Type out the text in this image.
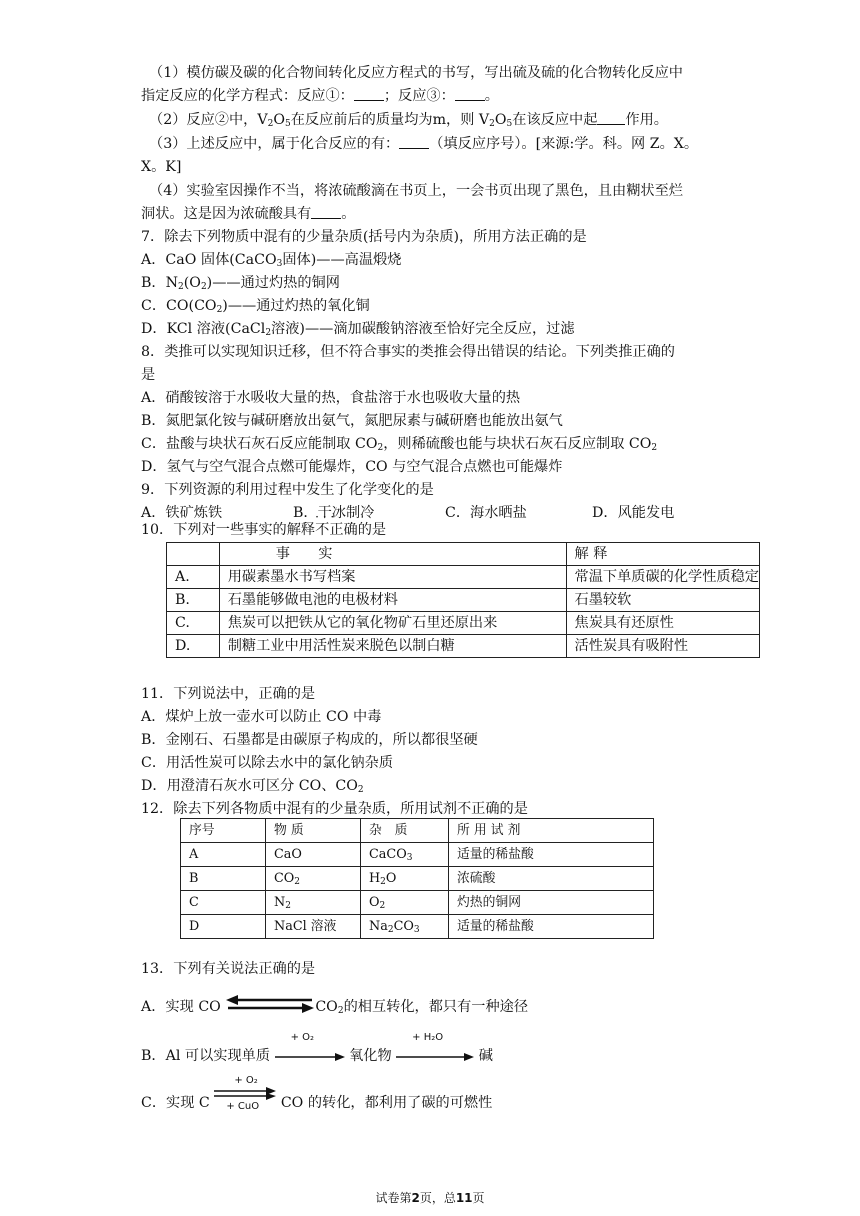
（1）模仿碳及碳的化合物间转化反应方程式的书写，写出硫及硫的化合物转化反应中
指定反应的化学方程式：反应①： ；反应③： 。
（2）反应②中，$V_2O_5$在反应前后的质量均为m，则 $V_2O_5$在该反应中起 作用。
（3）上述反应中，属于化合反应的有： （填反应序号）。[来源:学。科。网 Z。X。
X。K]
（4）实验室因操作不当，将浓硫酸滴在书页上，一会书页出现了黑色，且由糊状至烂
洞状。这是因为浓硫酸具有 。
7．除去下列物质中混有的少量杂质(括号内为杂质)，所用方法正确的是
A．CaO 固体(CaCO$_3$固体)——高温煅烧
B．$N_2(O_2)——$通过灼热的铜网
C．$CO(CO_2)——$通过灼热的氧化铜
D．KCl 溶液(CaCl$_2$溶液)——滴加碳酸钠溶液至恰好完全反应，过滤
8．类推可以实现知识迁移，但不符合事实的类推会得出错误的结论。下列类推正确的
是
A．硝酸铵溶于水吸收大量的热，食盐溶于水也吸收大量的热
B．氮肥氯化铵与碱研磨放出氨气，氮肥尿素与碱研磨也能放出氨气
C．盐酸与块状石灰石反应能制取 $CO_2$，则稀硫酸也能与块状石灰石反应制取 $CO_2$
D．氢气与空气混合点燃可能爆炸，CO 与空气混合点燃也可能爆炸
9．下列资源的利用过程中发生了化学变化的是
A．铁矿炼铁	B．干冰制冷	C．海水晒盐	D．风能发电
10．下列对一些事实的解释不正确 · · ·的是
	事　　实	解 释
A.	用碳素墨水书写档案	常温下单质碳的化学性质稳定
B.	石墨能够做电池的电极材料	石墨较软
C.	焦炭可以把铁从它的氧化物矿石里还原出来	焦炭具有还原性
D.	制糖工业中用活性炭来脱色以制白糖	活性炭具有吸附性
11．下列说法中，正确的是
A．煤炉上放一壶水可以防止 CO 中毒
B．金刚石、石墨都是由碳原子构成的，所以都很坚硬
C．用活性炭可以除去水中的氯化钠杂质
D．用澄清石灰水可区分 CO、$CO_2$
12．除去下列各物质中混有的少量杂质，所用试剂不正确的是
序号	物 质	杂　质	所 用 试 剂
A	CaO	CaCO$_3$	适量的稀盐酸
B	$CO_2$	$H_2O$	浓硫酸
C	$N_2$	$O_2$	灼热的铜网
D	NaCl 溶液	$Na_2CO_3$	适量的稀盐酸
13．下列有关说法正确的是
A．实现 CO	$CO_2$的相互转化，都只有一种途径
B．Al 可以实现单质
+ O₂
氧化物
+ H₂O
碱
C．实现 C
+ O₂
+ CuO CO 的转化，都利用了碳的可燃性
试卷第2页，总11页
